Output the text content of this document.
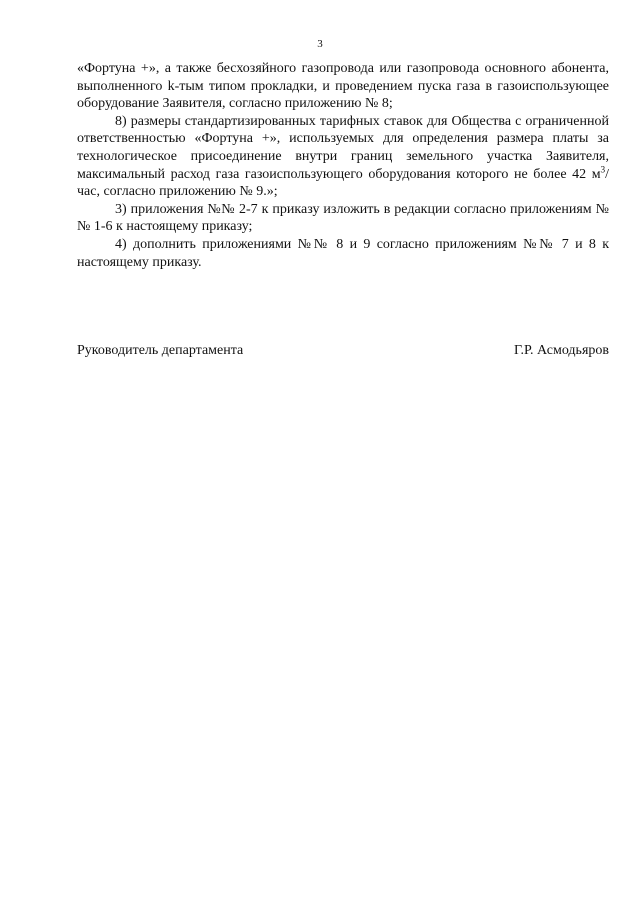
3

«Фортуна +», а также бесхозяйного газопровода или газопровода основного абонента, выполненного k-тым типом прокладки, и проведением пуска газа в газоиспользующее оборудование Заявителя, согласно приложению № 8;

8) размеры стандартизированных тарифных ставок для Общества с ограниченной ответственностью «Фортуна +», используемых для определения размера платы за технологическое присоединение внутри границ земельного участка Заявителя, максимальный расход газа газоиспользующего оборудования которого не более 42 $м^3$/час, согласно приложению № 9.»;

3) приложения №№ 2-7 к приказу изложить в редакции согласно приложениям №№ 1-6 к настоящему приказу;

4) дополнить приложениями №№ 8 и 9 согласно приложениям №№ 7 и 8 к настоящему приказу.

Руководитель департамента	Г.Р. Асмодьяров
